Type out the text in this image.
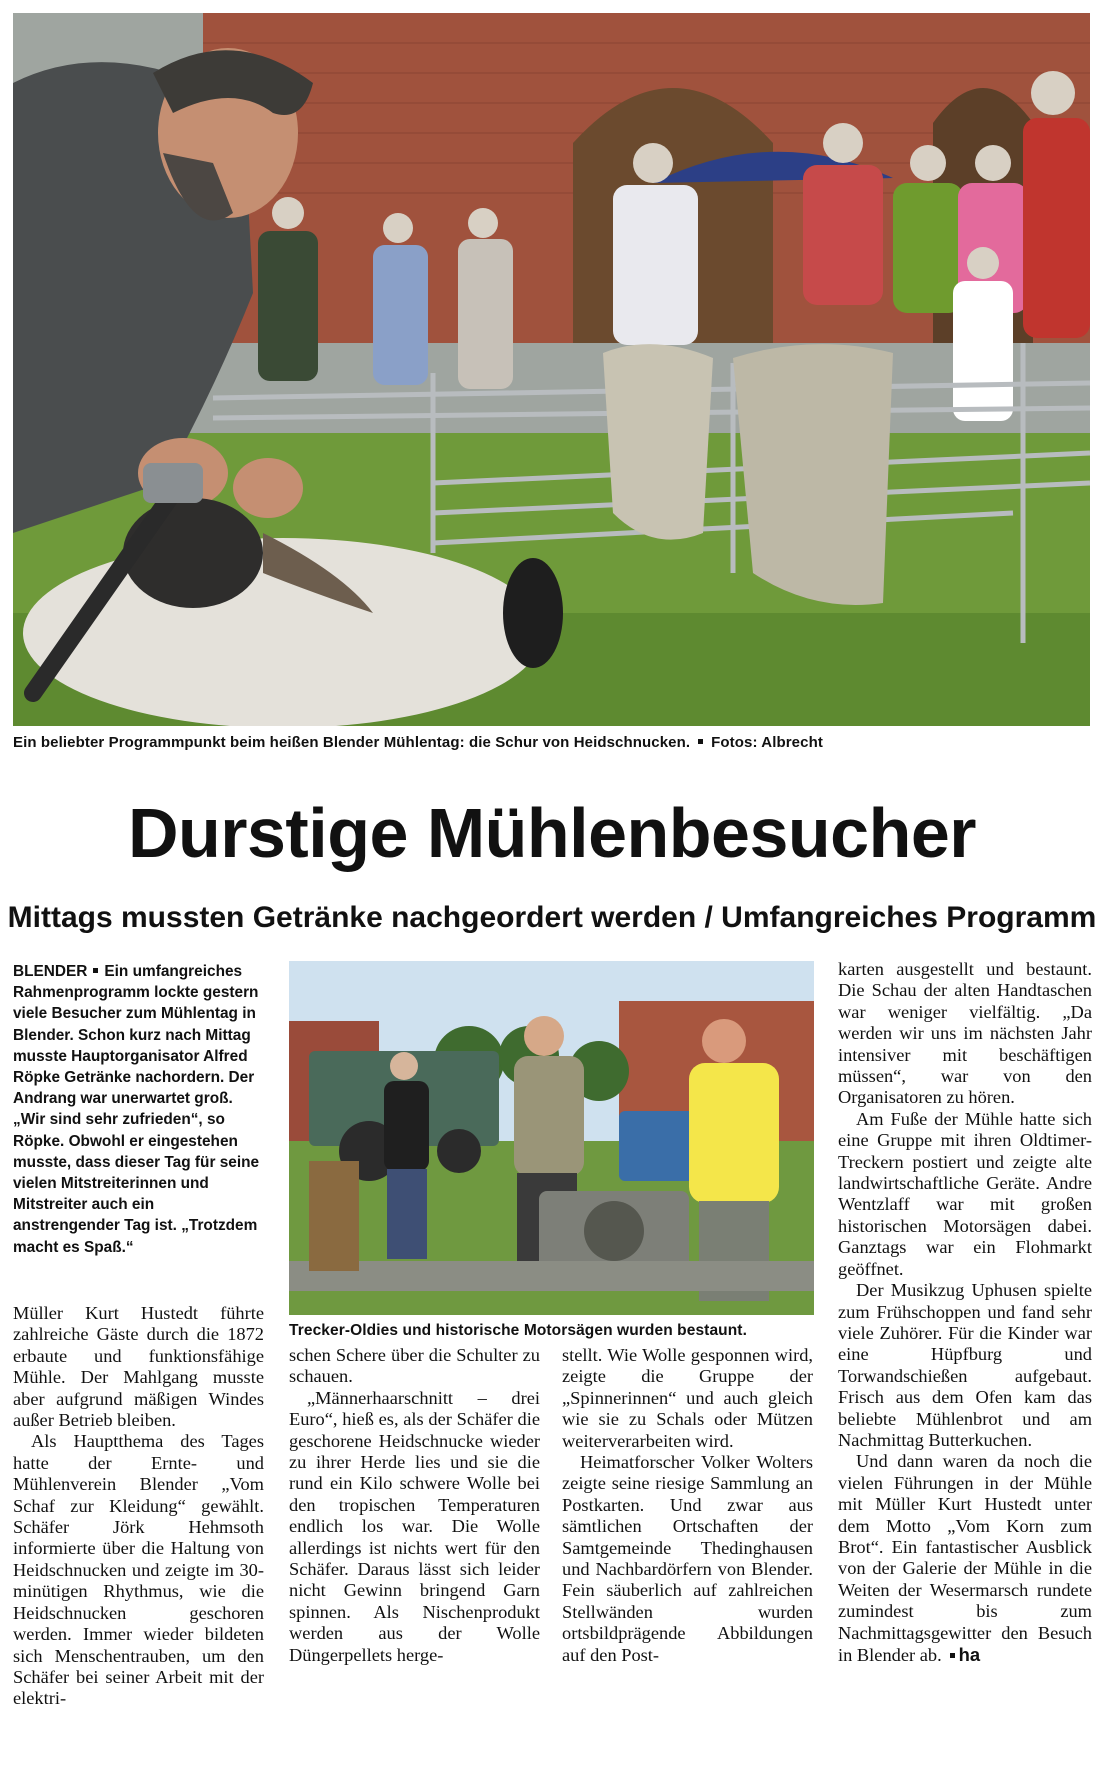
Ein beliebter Programmpunkt beim heißen Blender Mühlentag: die Schur von Heidschnucken. Fotos: Albrecht
Durstige Mühlenbesucher
Mittags mussten Getränke nachgeordert werden / Umfangreiches Programm
BLENDER Ein umfangreiches Rahmenprogramm lockte gestern viele Besucher zum Mühlentag in Blender. Schon kurz nach Mittag musste Hauptorganisator Alfred Röpke Getränke nachordern. Der Andrang war unerwartet groß. „Wir sind sehr zufrieden“, so Röpke. Obwohl er eingestehen musste, dass dieser Tag für seine vielen Mitstreiterinnen und Mitstreiter auch ein anstrengender Tag ist. „Trotzdem macht es Spaß.“

Müller Kurt Hustedt führte zahlreiche Gäste durch die 1872 erbaute und funktionsfähige Mühle. Der Mahlgang musste aber aufgrund mäßigen Windes außer Betrieb bleiben.

Als Hauptthema des Tages hatte der Ernte- und Mühlenverein Blender „Vom Schaf zur Kleidung“ gewählt. Schäfer Jörk Hehmsoth informierte über die Haltung von Heidschnucken und zeigte im 30-minütigen Rhythmus, wie die Heidschnucken geschoren werden. Immer wieder bildeten sich Menschentrauben, um den Schäfer bei seiner Arbeit mit der elektri-

Trecker-Oldies und historische Motorsägen wurden bestaunt.

schen Schere über die Schulter zu schauen.

„Männerhaarschnitt – drei Euro“, hieß es, als der Schäfer die geschorene Heidschnucke wieder zu ihrer Herde lies und sie die rund ein Kilo schwere Wolle bei den tropischen Temperaturen endlich los war. Die Wolle allerdings ist nichts wert für den Schäfer. Daraus lässt sich leider nicht Gewinn bringend Garn spinnen. Als Nischenprodukt werden aus der Wolle Düngerpellets herge-

stellt. Wie Wolle gesponnen wird, zeigte die Gruppe der „Spinnerinnen“ und auch gleich wie sie zu Schals oder Mützen weiterverarbeiten wird.

Heimatforscher Volker Wolters zeigte seine riesige Sammlung an Postkarten. Und zwar aus sämtlichen Ortschaften der Samtgemeinde Thedinghausen und Nachbardörfern von Blender. Fein säuberlich auf zahlreichen Stellwänden wurden ortsbildprägende Abbildungen auf den Post-

karten ausgestellt und bestaunt. Die Schau der alten Handtaschen war weniger vielfältig. „Da werden wir uns im nächsten Jahr intensiver mit beschäftigen müssen“, war von den Organisatoren zu hören.

Am Fuße der Mühle hatte sich eine Gruppe mit ihren Oldtimer-Treckern postiert und zeigte alte landwirtschaftliche Geräte. Andre Wentzlaff war mit großen historischen Motorsägen dabei. Ganztags war ein Flohmarkt geöffnet.

Der Musikzug Uphusen spielte zum Frühschoppen und fand sehr viele Zuhörer. Für die Kinder war eine Hüpfburg und Torwandschießen aufgebaut. Frisch aus dem Ofen kam das beliebte Mühlenbrot und am Nachmittag Butterkuchen.

Und dann waren da noch die vielen Führungen in der Mühle mit Müller Kurt Hustedt unter dem Motto „Vom Korn zum Brot“. Ein fantastischer Ausblick von der Galerie der Mühle in die Weiten der Wesermarsch rundete zumindest bis zum Nachmittagsgewitter den Besuch in Blender ab. ha
